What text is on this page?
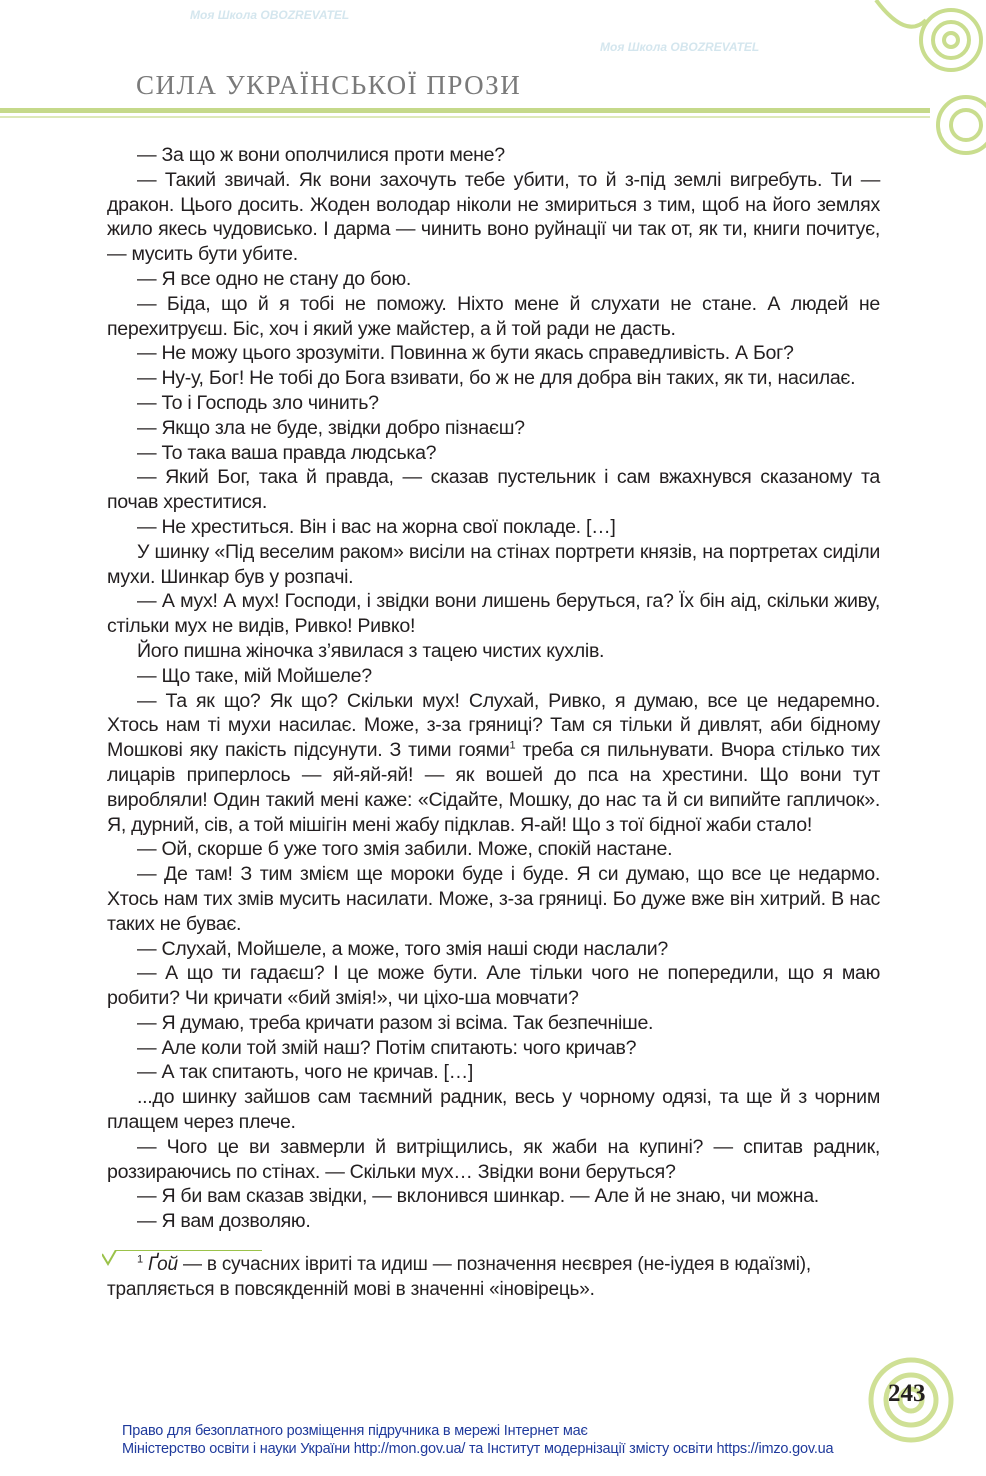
Моя Школа OBOZREVATEL
Моя Школа OBOZREVATEL
СИЛА УКРАЇНСЬКОЇ ПРОЗИ

— За що ж вони ополчилися проти мене?

— Такий звичай. Як вони захочуть тебе убити, то й з-під землі вигребуть. Ти — дракон. Цього досить. Жоден володар ніколи не змириться з тим, щоб на його землях жило якесь чудовисько. І дарма — чинить воно руйнації чи так от, як ти, книги почитує, — мусить бути убите.

— Я все одно не стану до бою.

— Біда, що й я тобі не поможу. Ніхто мене й слухати не стане. А людей не перехитруєш. Біс, хоч і який уже майстер, а й той ради не дасть.

— Не можу цього зрозуміти. Повинна ж бути якась справедливість. А Бог?

— Ну-у, Бог! Не тобі до Бога взивати, бо ж не для добра він таких, як ти, насилає.

— То і Господь зло чинить?

— Якщо зла не буде, звідки добро пізнаєш?

— То така ваша правда людська?

— Який Бог, така й правда, — сказав пустельник і сам вжахнувся сказаному та почав хреститися.

— Не хреститься. Він і вас на жорна свої покладе. […]

У шинку «Під веселим раком» висіли на стінах портрети князів, на портретах сиділи мухи. Шинкар був у розпачі.

— А мух! А мух! Господи, і звідки вони лишень беруться, га? Їх бін аід, скільки живу, стільки мух не видів, Ривко! Ривко!

Його пишна жіночка з’явилася з тацею чистих кухлів.

— Що таке, мій Мойшеле?

— Та як що? Як що? Скільки мух! Слухай, Ривко, я думаю, все це недаремно. Хтось нам ті мухи насилає. Може, з-за гряниці? Там ся тільки й дивлят, аби бідному Мошкові яку пакість підсунути. З тими гоями$^1$ треба ся пильнувати. Вчора стілько тих лицарів приперлось — яй-яй-яй! — як вошей до пса на хрестини. Що вони тут виробляли! Один такий мені каже: «Сідайте, Мошку, до нас та й си випийте гапличок». Я, дурний, сів, а той мішігін мені жабу підклав. Я-ай! Що з тої бідної жаби стало!

— Ой, скорше б уже того змія забили. Може, спокій настане.

— Де там! З тим змієм ще мороки буде і буде. Я си думаю, що все це недармо. Хтось нам тих змів мусить насилати. Може, з-за гряниці. Бо дуже вже він хитрий. В нас таких не буває.

— Слухай, Мойшеле, а може, того змія наші сюди наслали?

— А що ти гадаєш? І це може бути. Але тільки чого не попередили, що я маю робити? Чи кричати «бий змія!», чи ціхо-ша мовчати?

— Я думаю, треба кричати разом зі всіма. Так безпечніше.

— Але коли той змій наш? Потім спитають: чого кричав?

— А так спитають, чого не кричав. […]

...до шинку зайшов сам таємний радник, весь у чорному одязі, та ще й з чорним плащем через плече.

— Чого це ви завмерли й витріщились, як жаби на купині? — спитав радник, роззираючись по стінах. — Скільки мух… Звідки вони беруться?

— Я би вам сказав звідки, — вклонився шинкар. — Але й не знаю, чи можна.

— Я вам дозволяю.

$^1$ Ґой — в сучасних івриті та идиш — позначення неєврея (не-іудея в юдаїзмі), трапляється в повсякденній мові в значенні «іновірець».
243
Право для безоплатного розміщення підручника в мережі Інтернет має
Міністерство освіти і науки України http://mon.gov.ua/ та Інститут модернізації змісту освіти https://imzo.gov.ua
